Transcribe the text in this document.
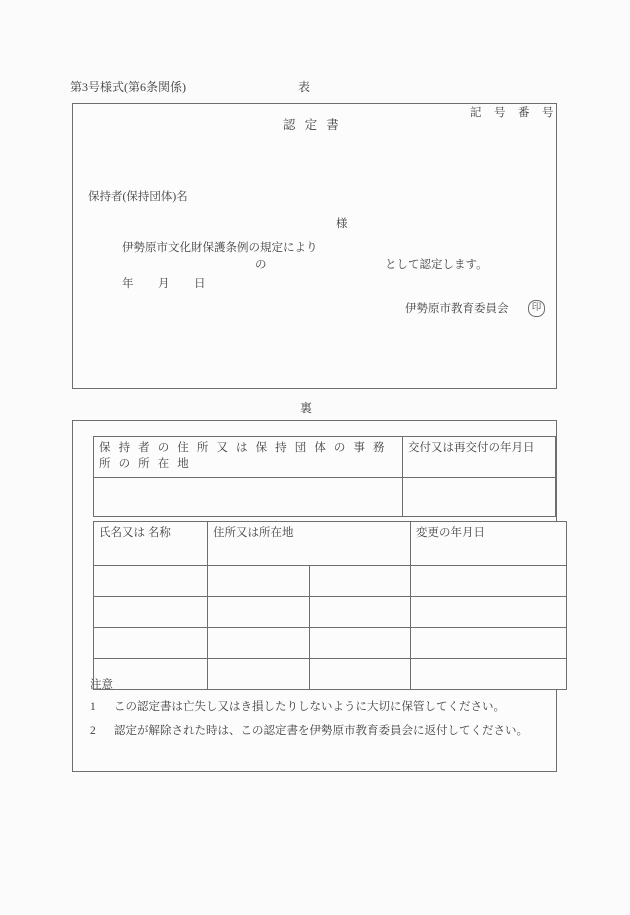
第3号様式(第6条関係)	表
記　号　番　号
認 定 書
保持者(保持団体)名
様
伊勢原市文化財保護条例の規定により
の	として認定します。
年　　月　　日
伊勢原市教育委員会	印
裏
保 持 者 の 住 所 又 は 保 持 団 体 の 事 務 所 の 所 在 地	交付又は再交付の年月日

氏名又は 名称	住所又は所在地		変更の年月日

注意
1	この認定書は亡失し又はき損したりしないように大切に保管してください。
2	認定が解除された時は、この認定書を伊勢原市教育委員会に返付してください。
